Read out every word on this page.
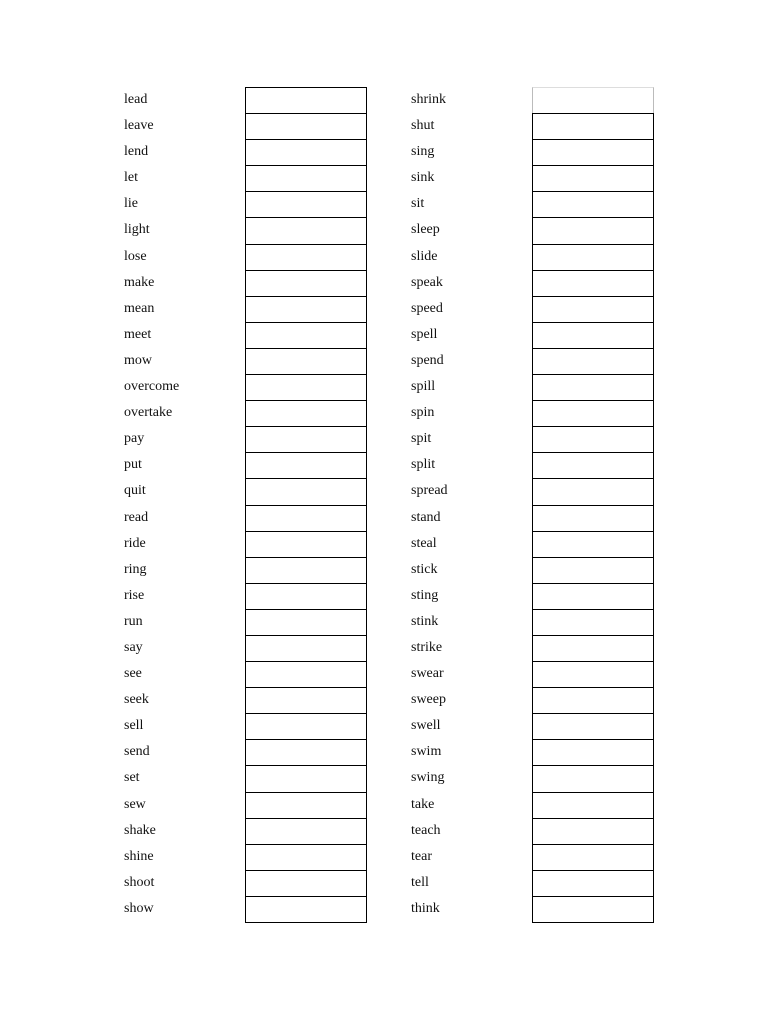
lead
leave
lend
let
lie
light
lose
make
mean
meet
mow
overcome
overtake
pay
put
quit
read
ride
ring
rise
run
say
see
seek
sell
send
set
sew
shake
shine
shoot
show
shrink
shut
sing
sink
sit
sleep
slide
speak
speed
spell
spend
spill
spin
spit
split
spread
stand
steal
stick
sting
stink
strike
swear
sweep
swell
swim
swing
take
teach
tear
tell
think
